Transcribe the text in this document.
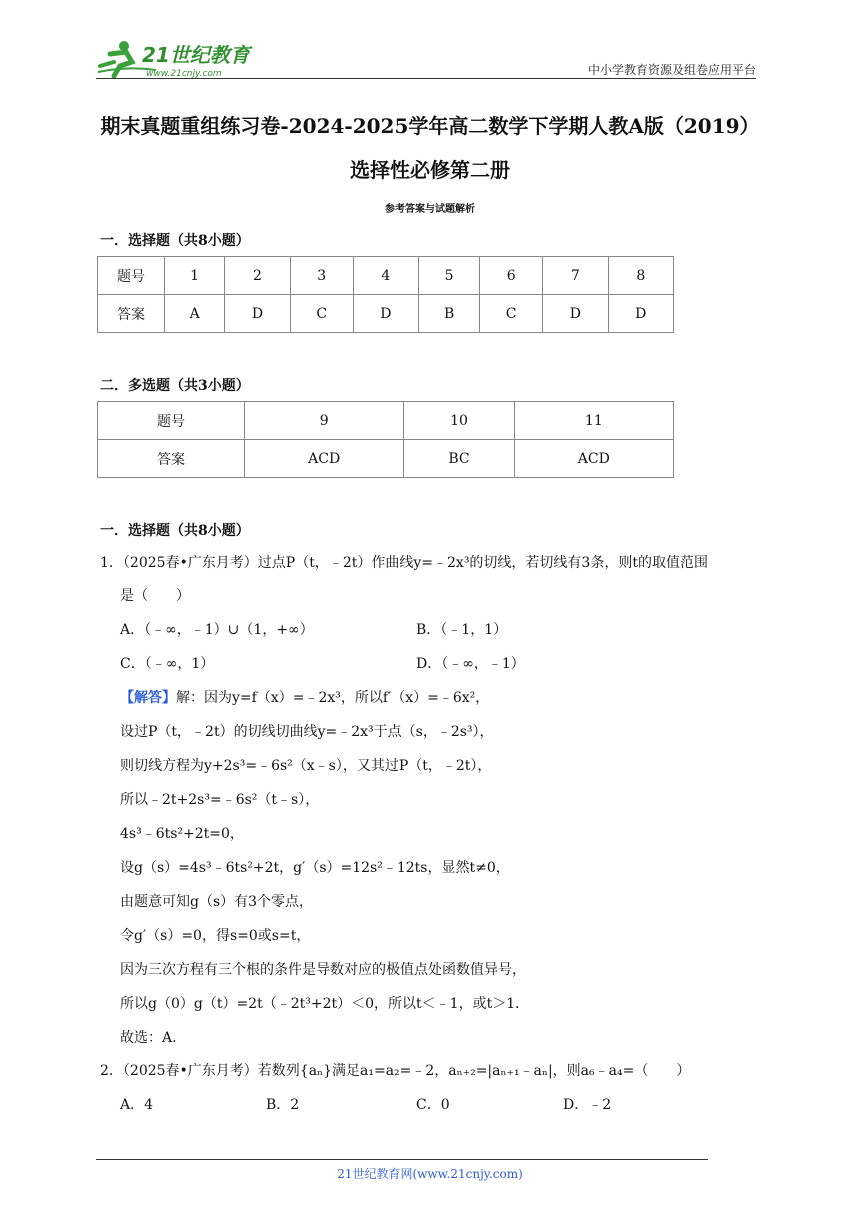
21世纪教育
www.21cnjy.com	中小学教育资源及组卷应用平台
期末真题重组练习卷-2024-2025学年高二数学下学期人教A版（2019）
选择性必修第二册
参考答案与试题解析
一．选择题（共8小题）
题号	1	2	3	4	5	6	7	8
答案	A	D	C	D	B	C	D	D
二．多选题（共3小题）
题号	9	10	11
答案	ACD	BC	ACD
一．选择题（共8小题）
1．（2025春•广东月考）过点P（t，﹣2t）作曲线y=﹣2x³的切线，若切线有3条，则t的取值范围
是（　　）
A．（﹣∞，﹣1）∪（1，+∞）	B．（﹣1，1）
C．（﹣∞，1）	D．（﹣∞，﹣1）
【解答】解：因为y=f（x）=﹣2x³，所以f′（x）=﹣6x²，
设过P（t，﹣2t）的切线切曲线y=﹣2x³于点（s，﹣2s³），
则切线方程为y+2s³=﹣6s²（x﹣s），又其过P（t，﹣2t），
所以﹣2t+2s³=﹣6s²（t﹣s），
4s³﹣6ts²+2t=0，
设g（s）=4s³﹣6ts²+2t，g′（s）=12s²﹣12ts，显然t≠0，
由题意可知g（s）有3个零点，
令g′（s）=0，得s=0或s=t，
因为三次方程有三个根的条件是导数对应的极值点处函数值异号，
所以g（0）g（t）=2t（﹣2t³+2t）＜0，所以t＜﹣1，或t＞1．
故选：A．
2．（2025春•广东月考）若数列{aₙ}满足a₁=a₂=﹣2，aₙ₊₂=|aₙ₊₁﹣aₙ|，则a₆﹣a₄=（　　）
A．4	B．2	C．0	D．﹣2
21世纪教育网(www.21cnjy.com)
